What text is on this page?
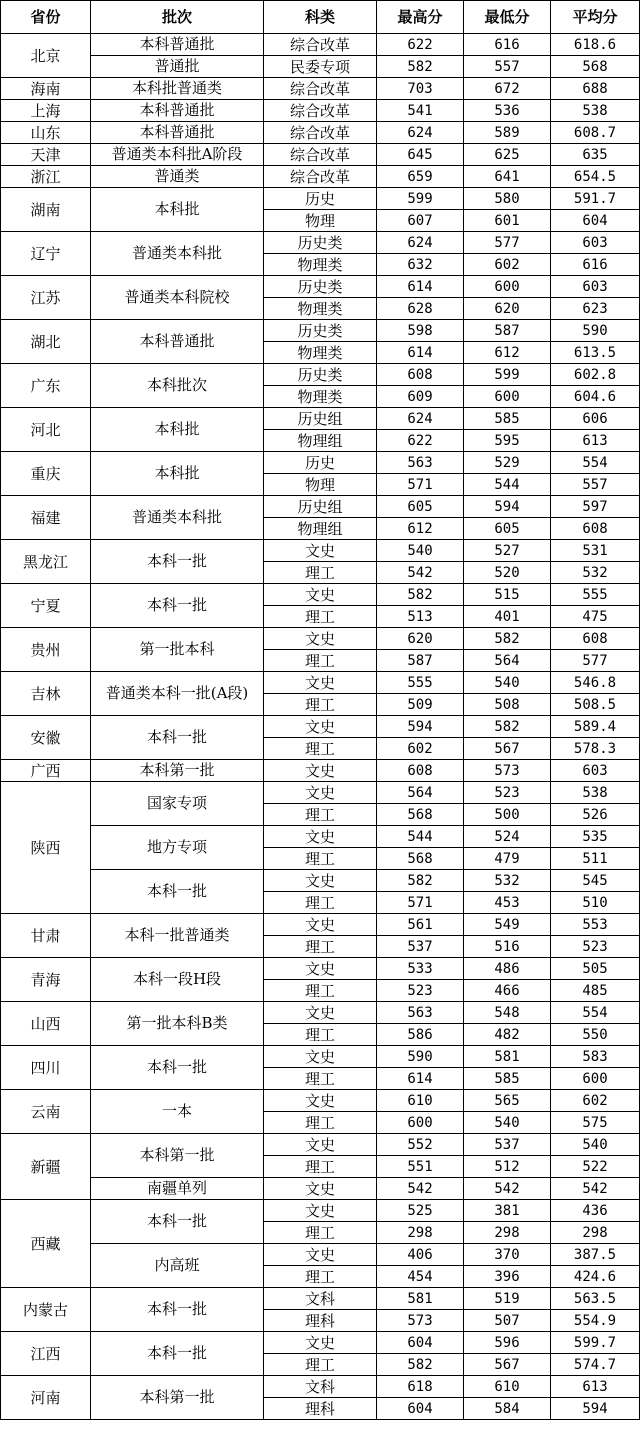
省份	批次	科类	最高分	最低分	平均分
北京	本科普通批	综合改革	622	616	618.6
	普通批	民委专项	582	557	568
海南	本科批普通类	综合改革	703	672	688
上海	本科普通批	综合改革	541	536	538
山东	本科普通批	综合改革	624	589	608.7
天津	普通类本科批A阶段	综合改革	645	625	635
浙江	普通类	综合改革	659	641	654.5
湖南	本科批	历史	599	580	591.7
		物理	607	601	604
辽宁	普通类本科批	历史类	624	577	603
		物理类	632	602	616
江苏	普通类本科院校	历史类	614	600	603
		物理类	628	620	623
湖北	本科普通批	历史类	598	587	590
		物理类	614	612	613.5
广东	本科批次	历史类	608	599	602.8
		物理类	609	600	604.6
河北	本科批	历史组	624	585	606
		物理组	622	595	613
重庆	本科批	历史	563	529	554
		物理	571	544	557
福建	普通类本科批	历史组	605	594	597
		物理组	612	605	608
黑龙江	本科一批	文史	540	527	531
		理工	542	520	532
宁夏	本科一批	文史	582	515	555
		理工	513	401	475
贵州	第一批本科	文史	620	582	608
		理工	587	564	577
吉林	普通类本科一批(A段)	文史	555	540	546.8
		理工	509	508	508.5
安徽	本科一批	文史	594	582	589.4
		理工	602	567	578.3
广西	本科第一批	文史	608	573	603
陕西	国家专项	文史	564	523	538
		理工	568	500	526
	地方专项	文史	544	524	535
		理工	568	479	511
	本科一批	文史	582	532	545
		理工	571	453	510
甘肃	本科一批普通类	文史	561	549	553
		理工	537	516	523
青海	本科一段H段	文史	533	486	505
		理工	523	466	485
山西	第一批本科B类	文史	563	548	554
		理工	586	482	550
四川	本科一批	文史	590	581	583
		理工	614	585	600
云南	一本	文史	610	565	602
		理工	600	540	575
新疆	本科第一批	文史	552	537	540
		理工	551	512	522
	南疆单列	文史	542	542	542
西藏	本科一批	文史	525	381	436
		理工	298	298	298
	内高班	文史	406	370	387.5
		理工	454	396	424.6
内蒙古	本科一批	文科	581	519	563.5
		理科	573	507	554.9
江西	本科一批	文史	604	596	599.7
		理工	582	567	574.7
河南	本科第一批	文科	618	610	613
		理科	604	584	594
